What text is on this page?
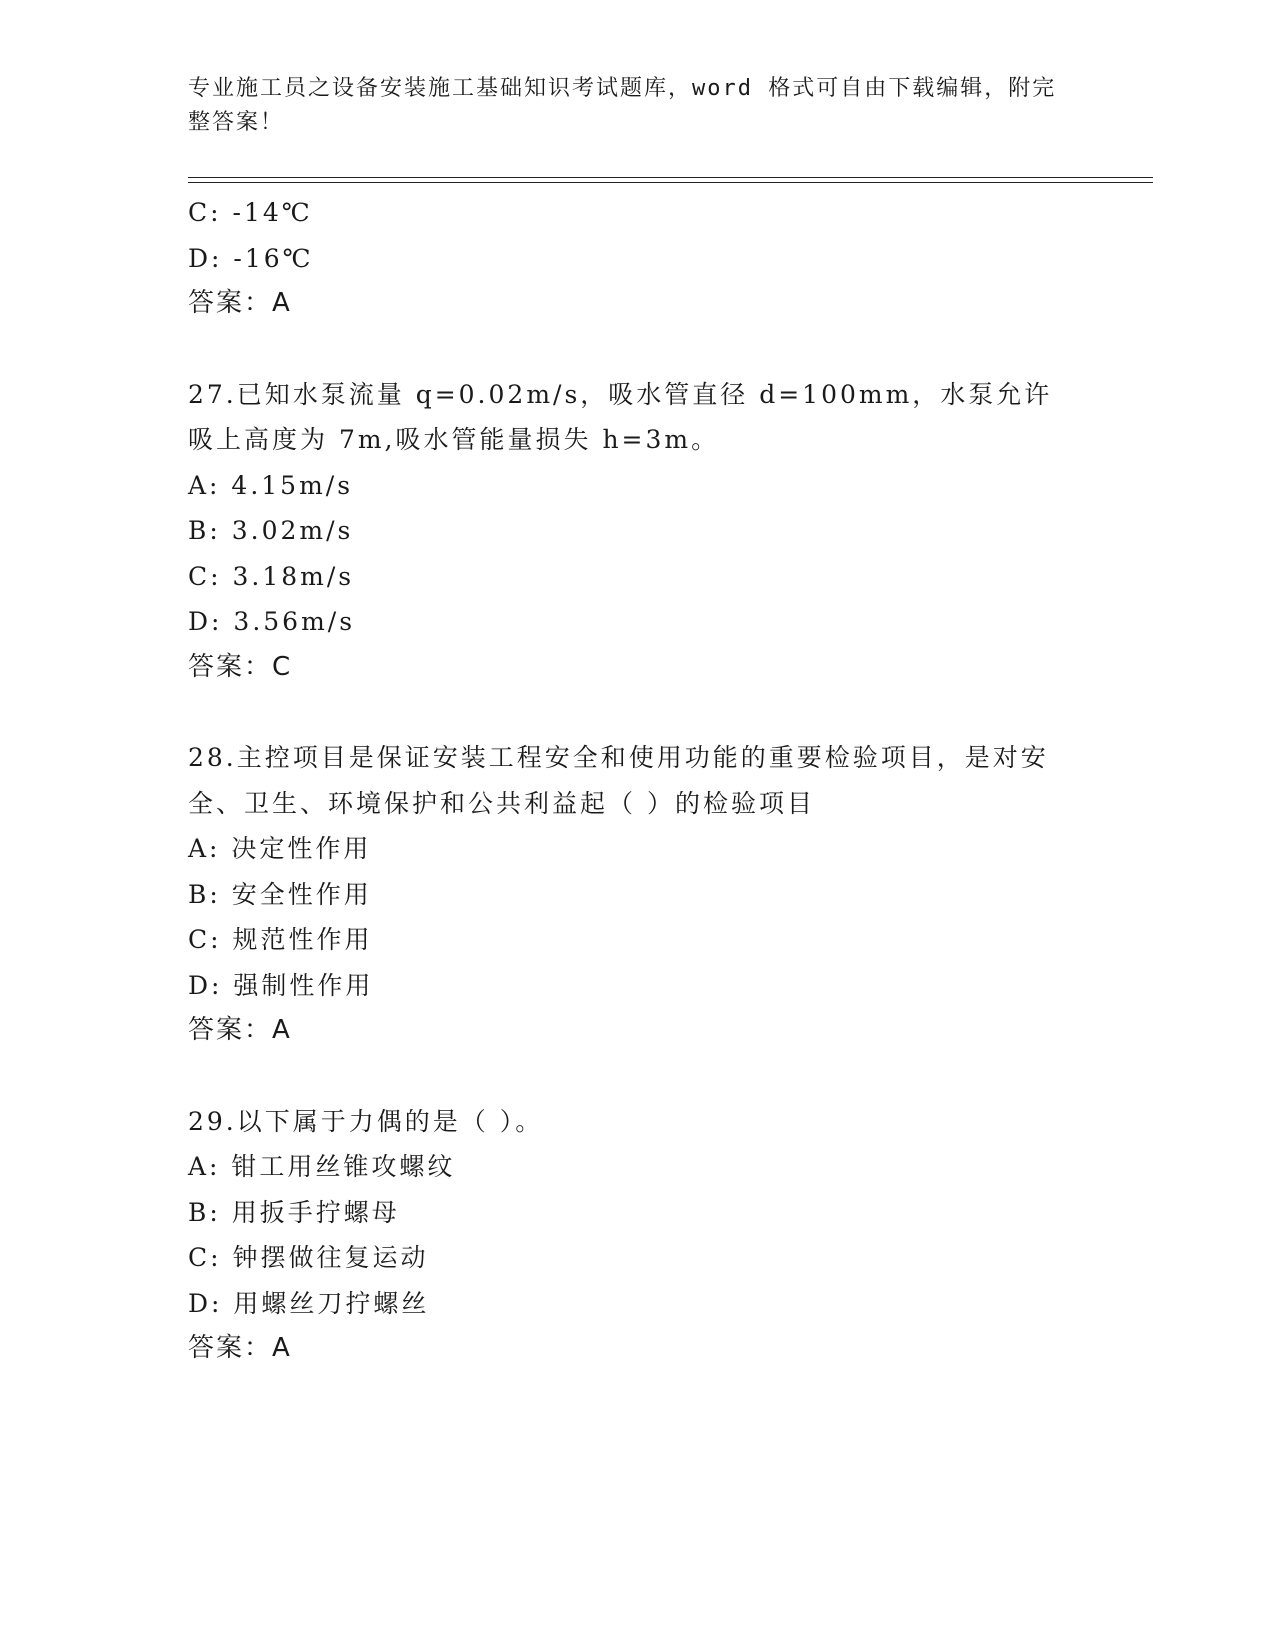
专业施工员之设备安装施工基础知识考试题库，word 格式可自由下载编辑，附完整答案！
C: -14℃
D: -16℃
答案：A
27.已知水泵流量 q=0.02m/s，吸水管直径 d=100mm，水泵允许吸上高度为 7m,吸水管能量损失 h=3m。
A: 4.15m/s
B: 3.02m/s
C: 3.18m/s
D: 3.56m/s
答案：C
28.主控项目是保证安装工程安全和使用功能的重要检验项目，是对安全、卫生、环境保护和公共利益起（ ）的检验项目
A: 决定性作用
B: 安全性作用
C: 规范性作用
D: 强制性作用
答案：A
29.以下属于力偶的是（ ）。
A: 钳工用丝锥攻螺纹
B: 用扳手拧螺母
C: 钟摆做往复运动
D: 用螺丝刀拧螺丝
答案：A
